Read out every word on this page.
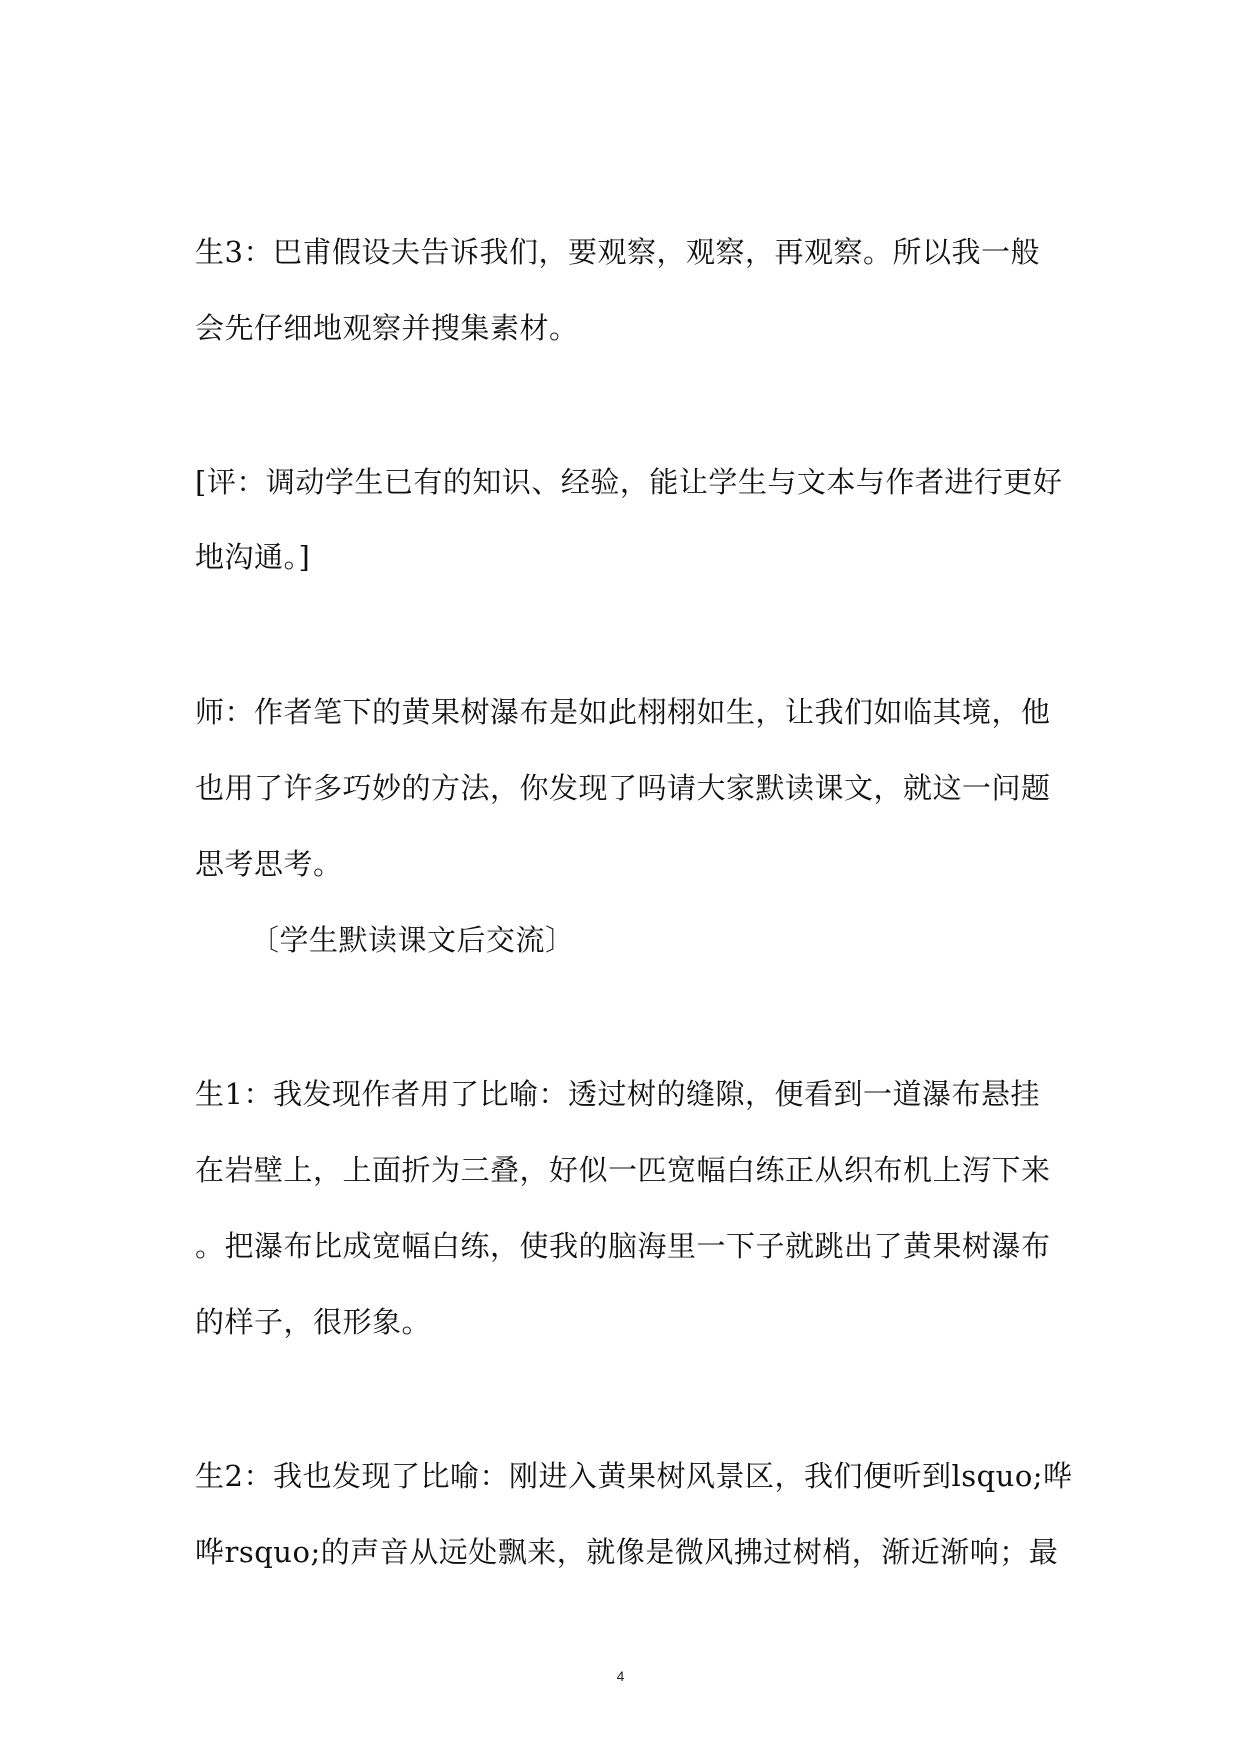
生3：巴甫假设夫告诉我们，要观察，观察，再观察。所以我一般
会先仔细地观察并搜集素材。
[评：调动学生已有的知识、经验，能让学生与文本与作者进行更好
地沟通。]
师：作者笔下的黄果树瀑布是如此栩栩如生，让我们如临其境，他
也用了许多巧妙的方法，你发现了吗请大家默读课文，就这一问题
思考思考。
〔学生默读课文后交流〕
生1：我发现作者用了比喻：透过树的缝隙，便看到一道瀑布悬挂
在岩壁上，上面折为三叠，好似一匹宽幅白练正从织布机上泻下来
。把瀑布比成宽幅白练，使我的脑海里一下子就跳出了黄果树瀑布
的样子，很形象。
生2：我也发现了比喻：刚进入黄果树风景区，我们便听到lsquo;哗
哗rsquo;的声音从远处飘来，就像是微风拂过树梢，渐近渐响；最
4
